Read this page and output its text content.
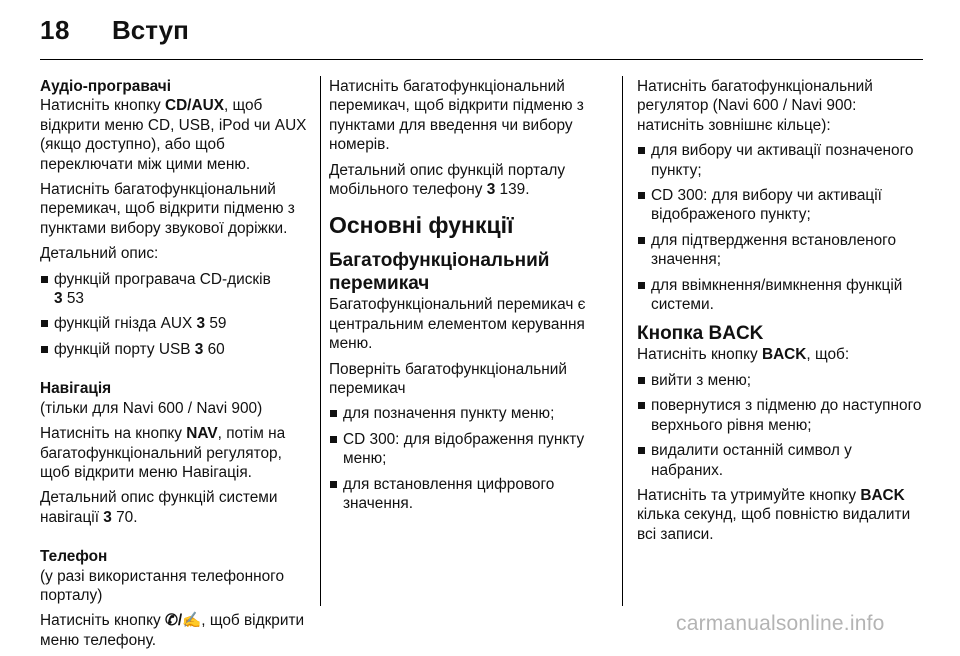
18 Вступ

Аудіо-програвачі

Натисніть кнопку CD/AUX, щоб відкрити меню CD, USB, iPod чи AUX (якщо доступно), або щоб переключати між цими меню.

Натисніть багатофункціональний перемикач, щоб відкрити підменю з пунктами вибору звукової доріжки.

Детальний опис:

функцій програвача CD-дисків
3 53
функцій гнізда AUX 3 59
функцій порту USB 3 60

Навігація

(тільки для Navi 600 / Navi 900)

Натисніть на кнопку NAV, потім на багатофункціональний регулятор, щоб відкрити меню Навігація.

Детальний опис функцій системи навігації 3 70.

Телефон

(у разі використання телефонного порталу)

Натисніть кнопку ✆/✍, щоб відкрити меню телефону.

Натисніть багатофункціональний перемикач, щоб відкрити підменю з пунктами для введення чи вибору номерів.

Детальний опис функцій порталу мобільного телефону 3 139.

Основні функції

Багатофункціональний перемикач

Багатофункціональний перемикач є центральним елементом керування меню.

Поверніть багатофункціональний перемикач

для позначення пункту меню;
CD 300: для відображення пункту меню;
для встановлення цифрового значення.

Натисніть багатофункціональний регулятор (Navi 600 / Navi 900: натисніть зовнішнє кільце):

для вибору чи активації позначеного пункту;
CD 300: для вибору чи активації відображеного пункту;
для підтвердження встановленого значення;
для ввімкнення/вимкнення функцій системи.

Кнопка BACK

Натисніть кнопку BACK, щоб:

вийти з меню;
повернутися з підменю до наступного верхнього рівня меню;
видалити останній символ у набраних.

Натисніть та утримуйте кнопку BACK кілька секунд, щоб повністю видалити всі записи.

carmanualsonline.info
